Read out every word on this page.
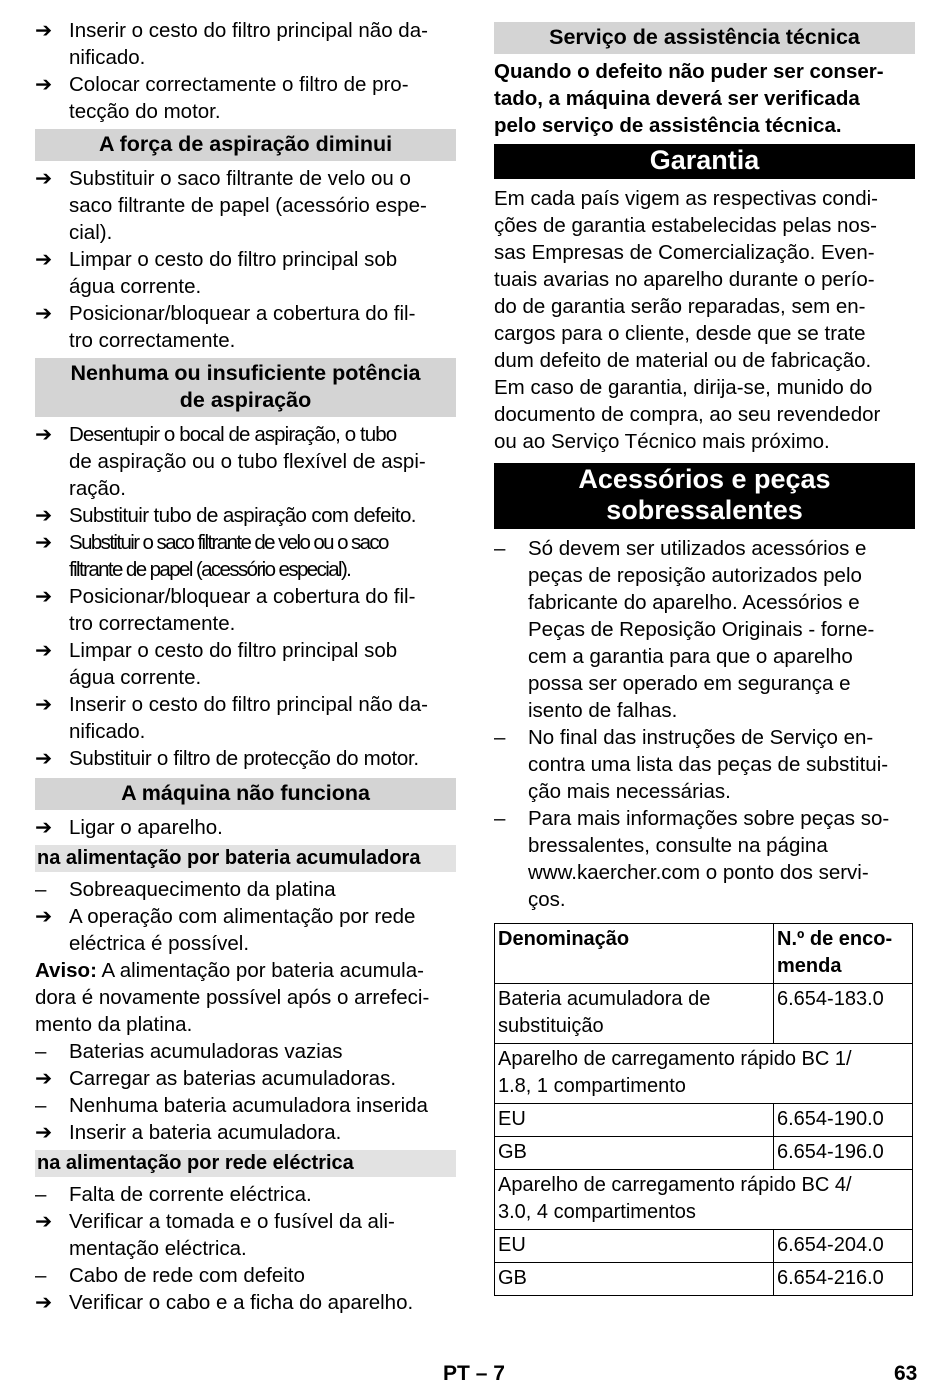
➔ Inserir o cesto do filtro principal não da-
nificado.
➔ Colocar correctamente o filtro de pro-
tecção do motor.
A força de aspiração diminui
➔ Substituir o saco filtrante de velo ou o
saco filtrante de papel (acessório espe-
cial).
➔ Limpar o cesto do filtro principal sob
água corrente.
➔ Posicionar/bloquear a cobertura do fil-
tro correctamente.
Nenhuma ou insuficiente potência
de aspiração
➔ Desentupir o bocal de aspiração, o tubo
de aspiração ou o tubo flexível de aspi-
ração.
➔ Substituir tubo de aspiração com defeito.
➔ Substituir o saco filtrante de velo ou o saco
filtrante de papel (acessório especial).
➔ Posicionar/bloquear a cobertura do fil-
tro correctamente.
➔ Limpar o cesto do filtro principal sob
água corrente.
➔ Inserir o cesto do filtro principal não da-
nificado.
➔ Substituir o filtro de protecção do motor.
A máquina não funciona
➔ Ligar o aparelho.
na alimentação por bateria acumuladora
–	Sobreaquecimento da platina
➔ A operação com alimentação por rede
eléctrica é possível.
Aviso: A alimentação por bateria acumula-
dora é novamente possível após o arrefeci-
mento da platina.
–	Baterias acumuladoras vazias
➔ Carregar as baterias acumuladoras.
–	Nenhuma bateria acumuladora inserida
➔ Inserir a bateria acumuladora.
na alimentação por rede eléctrica
–	Falta de corrente eléctrica.
➔ Verificar a tomada e o fusível da ali-
mentação eléctrica.
–	Cabo de rede com defeito
➔ Verificar o cabo e a ficha do aparelho.
Serviço de assistência técnica
Quando o defeito não puder ser conser-
tado, a máquina deverá ser verificada
pelo serviço de assistência técnica.
Garantia
Em cada país vigem as respectivas condi-
ções de garantia estabelecidas pelas nos-
sas Empresas de Comercialização. Even-
tuais avarias no aparelho durante o perío-
do de garantia serão reparadas, sem en-
cargos para o cliente, desde que se trate
dum defeito de material ou de fabricação.
Em caso de garantia, dirija-se, munido do
documento de compra, ao seu revendedor
ou ao Serviço Técnico mais próximo.
Acessórios e peças
sobressalentes
–	Só devem ser utilizados acessórios e
peças de reposição autorizados pelo
fabricante do aparelho. Acessórios e
Peças de Reposição Originais - forne-
cem a garantia para que o aparelho
possa ser operado em segurança e
isento de falhas.
–	No final das instruções de Serviço en-
contra uma lista das peças de substitui-
ção mais necessárias.
–	Para mais informações sobre peças so-
bressalentes, consulte na página
www.kaercher.com o ponto dos servi-
ços.
Denominação	N.º de enco-
menda

Bateria acumuladora de
substituição	6.654-183.0

Aparelho de carregamento rápido BC 1/
1.8, 1 compartimento	

EU	6.654-190.0
GB	6.654-196.0

Aparelho de carregamento rápido BC 4/
3.0, 4 compartimentos	

EU	6.654-204.0
GB	6.654-216.0
PT – 7	63
